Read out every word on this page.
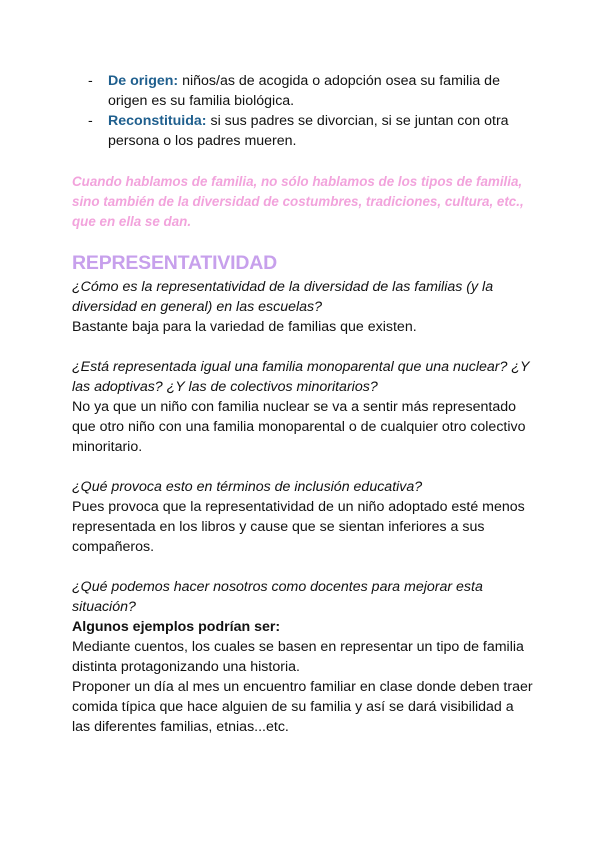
- De origen: niños/as de acogida o adopción osea su familia de origen es su familia biológica.
- Reconstituida: si sus padres se divorcian, si se juntan con otra persona o los padres mueren.

Cuando hablamos de familia, no sólo hablamos de los tipos de familia, sino también de la diversidad de costumbres, tradiciones, cultura, etc., que en ella se dan.

REPRESENTATIVIDAD
¿Cómo es la representatividad de la diversidad de las familias (y la diversidad en general) en las escuelas?
Bastante baja para la variedad de familias que existen.
¿Está representada igual una familia monoparental que una nuclear? ¿Y las adoptivas? ¿Y las de colectivos minoritarios?
No ya que un niño con familia nuclear se va a sentir más representado que otro niño con una familia monoparental o de cualquier otro colectivo minoritario.
¿Qué provoca esto en términos de inclusión educativa?
Pues provoca que la representatividad de un niño adoptado esté menos representada en los libros y cause que se sientan inferiores a sus compañeros.
¿Qué podemos hacer nosotros como docentes para mejorar esta situación?
Algunos ejemplos podrían ser:
Mediante cuentos, los cuales se basen en representar un tipo de familia distinta protagonizando una historia.
Proponer un día al mes un encuentro familiar en clase donde deben traer comida típica que hace alguien de su familia y así se dará visibilidad a las diferentes familias, etnias...etc.
